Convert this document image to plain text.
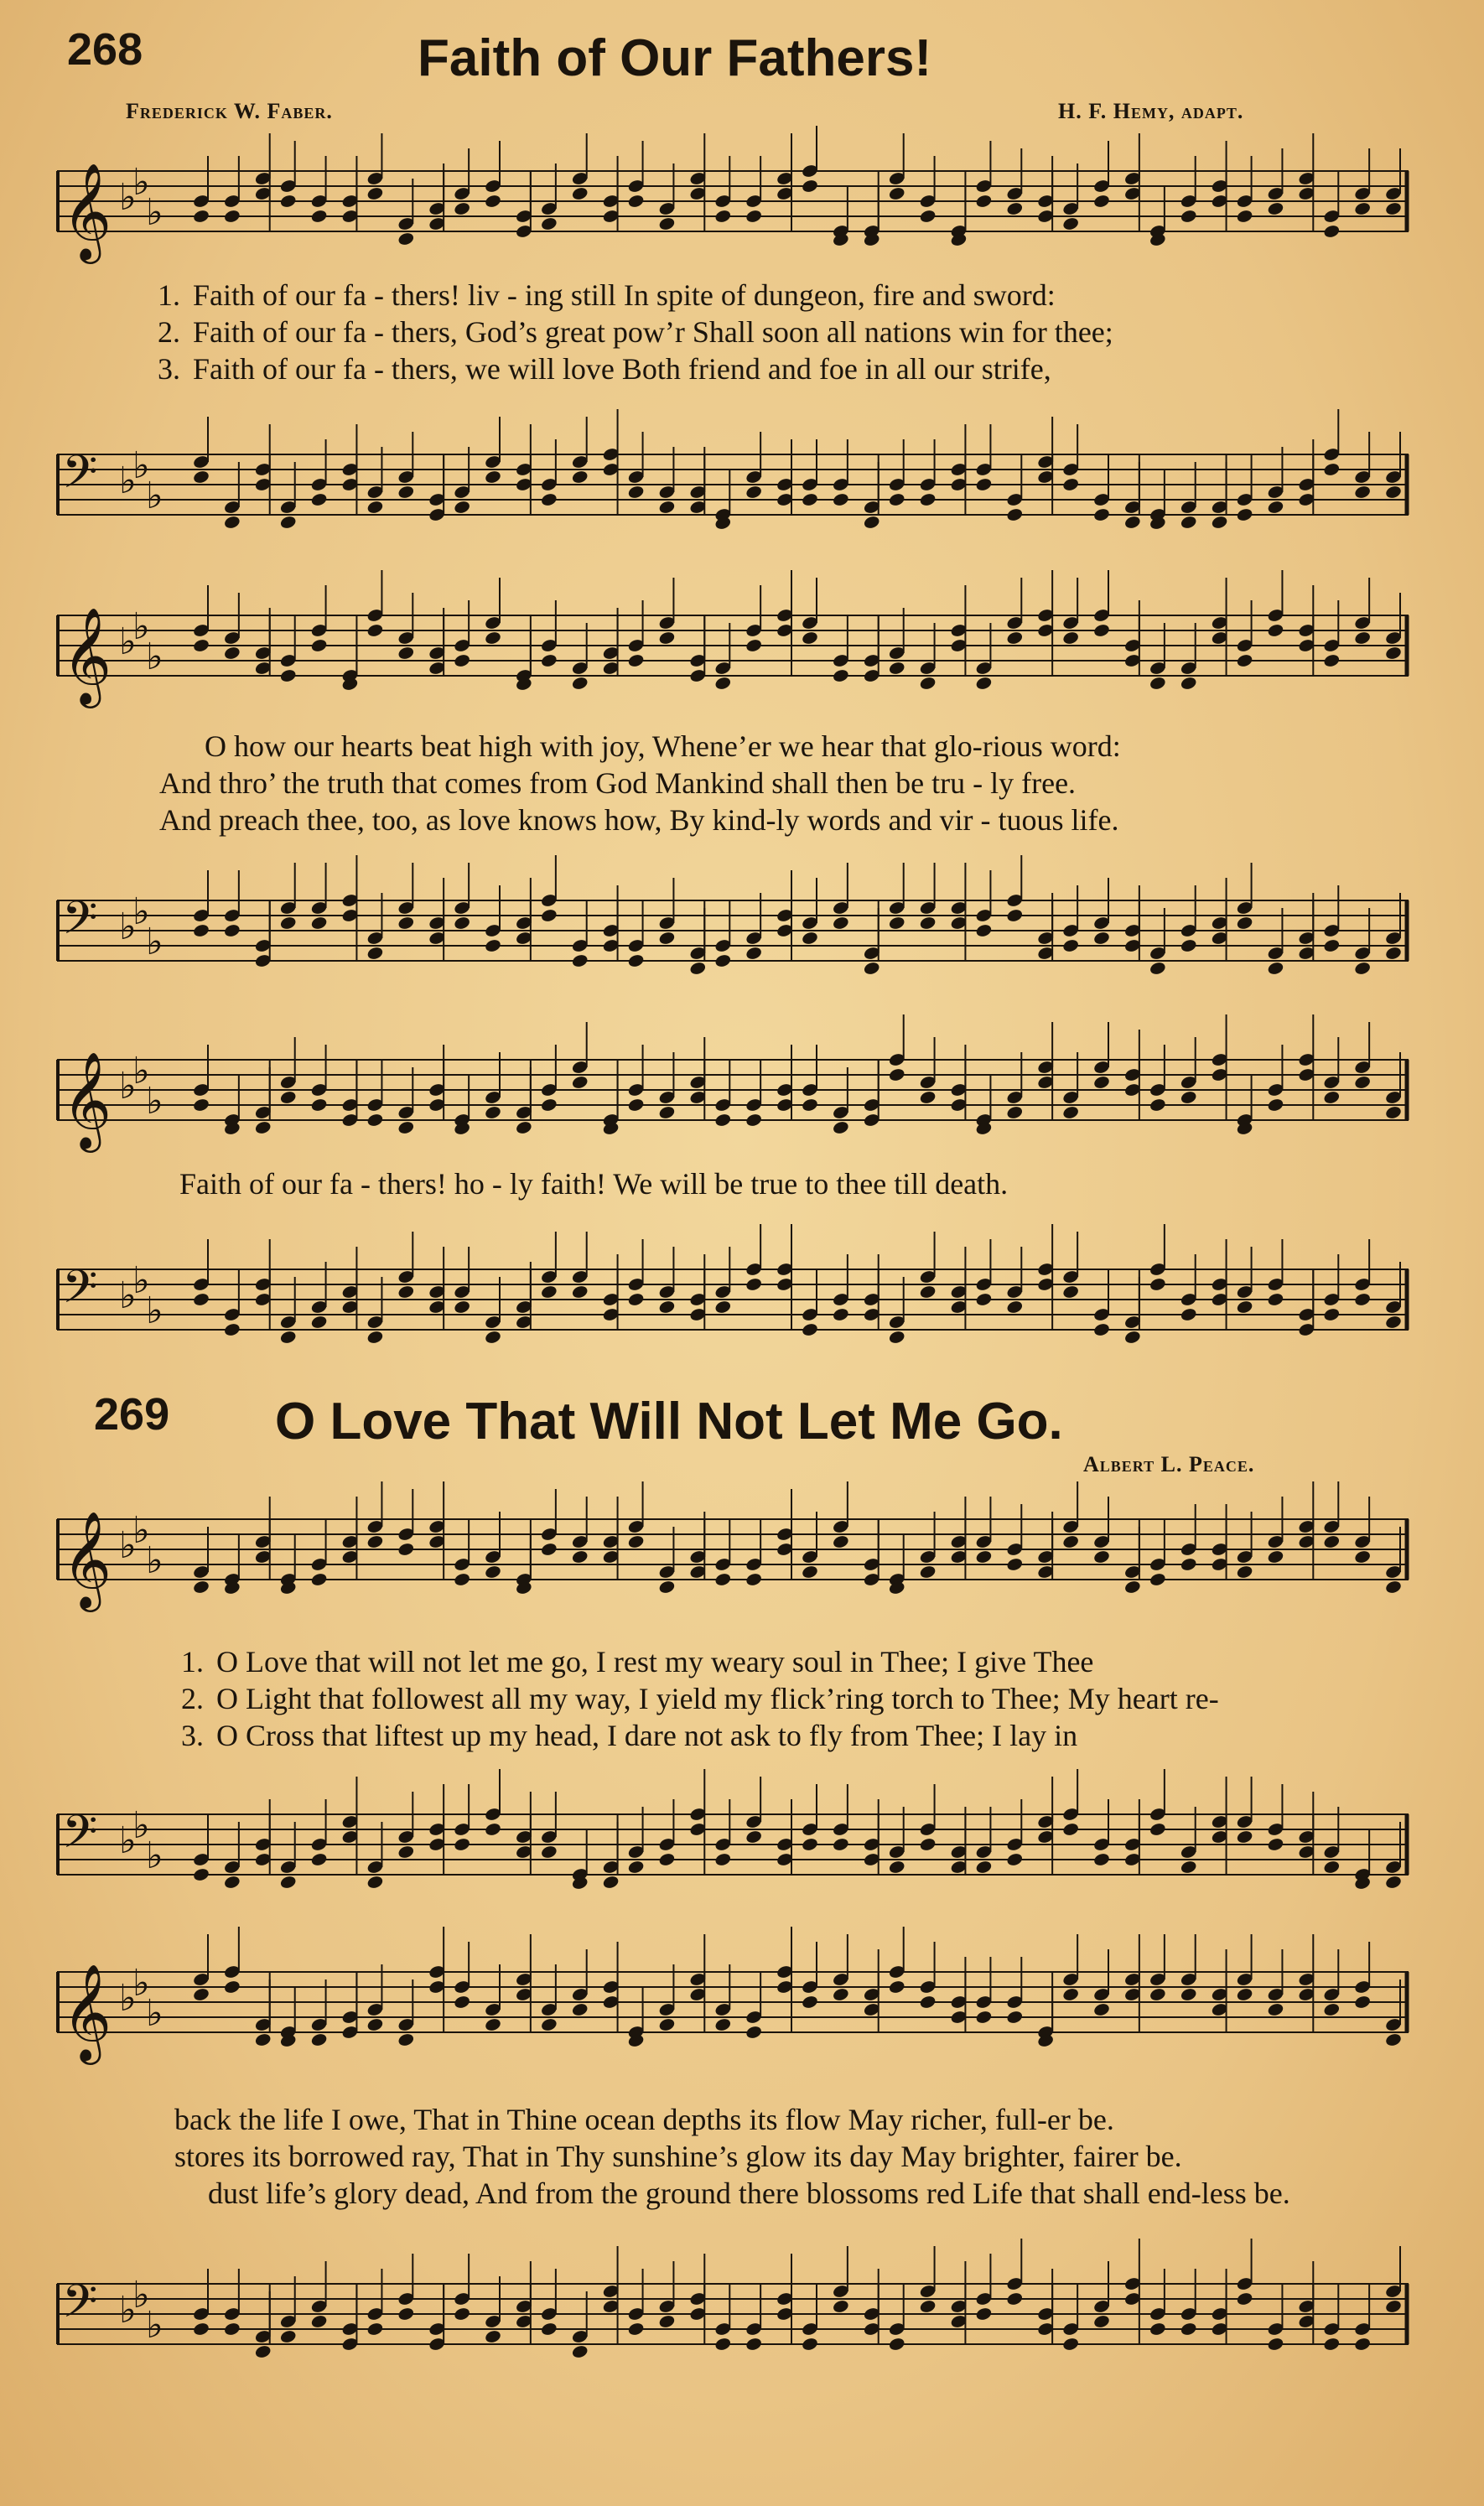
268	Faith of Our Fathers!
Frederick W. Faber.	H. F. Hemy, adapt.
𝄞 ♭
♭
♭
1. Faith of our fa - thers! liv - ing still In spite of dungeon, fire and sword:
2. Faith of our fa - thers, God’s great pow’r Shall soon all nations win for thee;
3. Faith of our fa - thers, we will love Both friend and foe in all our strife,
𝄢 ♭
♭
♭
𝄞 ♭
♭
♭
O how our hearts beat high with joy, Whene’er we hear that glo-rious word:
And thro’ the truth that comes from God Mankind shall then be tru - ly free.
And preach thee, too, as love knows how, By kind-ly words and vir - tuous life.
𝄢 ♭
♭
♭
𝄞 ♭
♭
♭
Faith of our fa - thers! ho - ly faith! We will be true to thee till death.
𝄢 ♭
♭
♭
269 O Love That Will Not Let Me Go.
Albert L. Peace.
𝄞 ♭
♭
♭
1. O Love that will not let me go, I rest my weary soul in Thee; I give Thee
2. O Light that followest all my way, I yield my flick’ring torch to Thee; My heart re-
3. O Cross that liftest up my head, I dare not ask to fly from Thee; I lay in
𝄢 ♭
♭
♭
𝄞 ♭
♭
♭
back the life I owe, That in Thine ocean depths its flow May richer, full-er be.
stores its borrowed ray, That in Thy sunshine’s glow its day May brighter, fairer be.
dust life’s glory dead, And from the ground there blossoms red Life that shall end-less be.
𝄢 ♭
♭
♭
